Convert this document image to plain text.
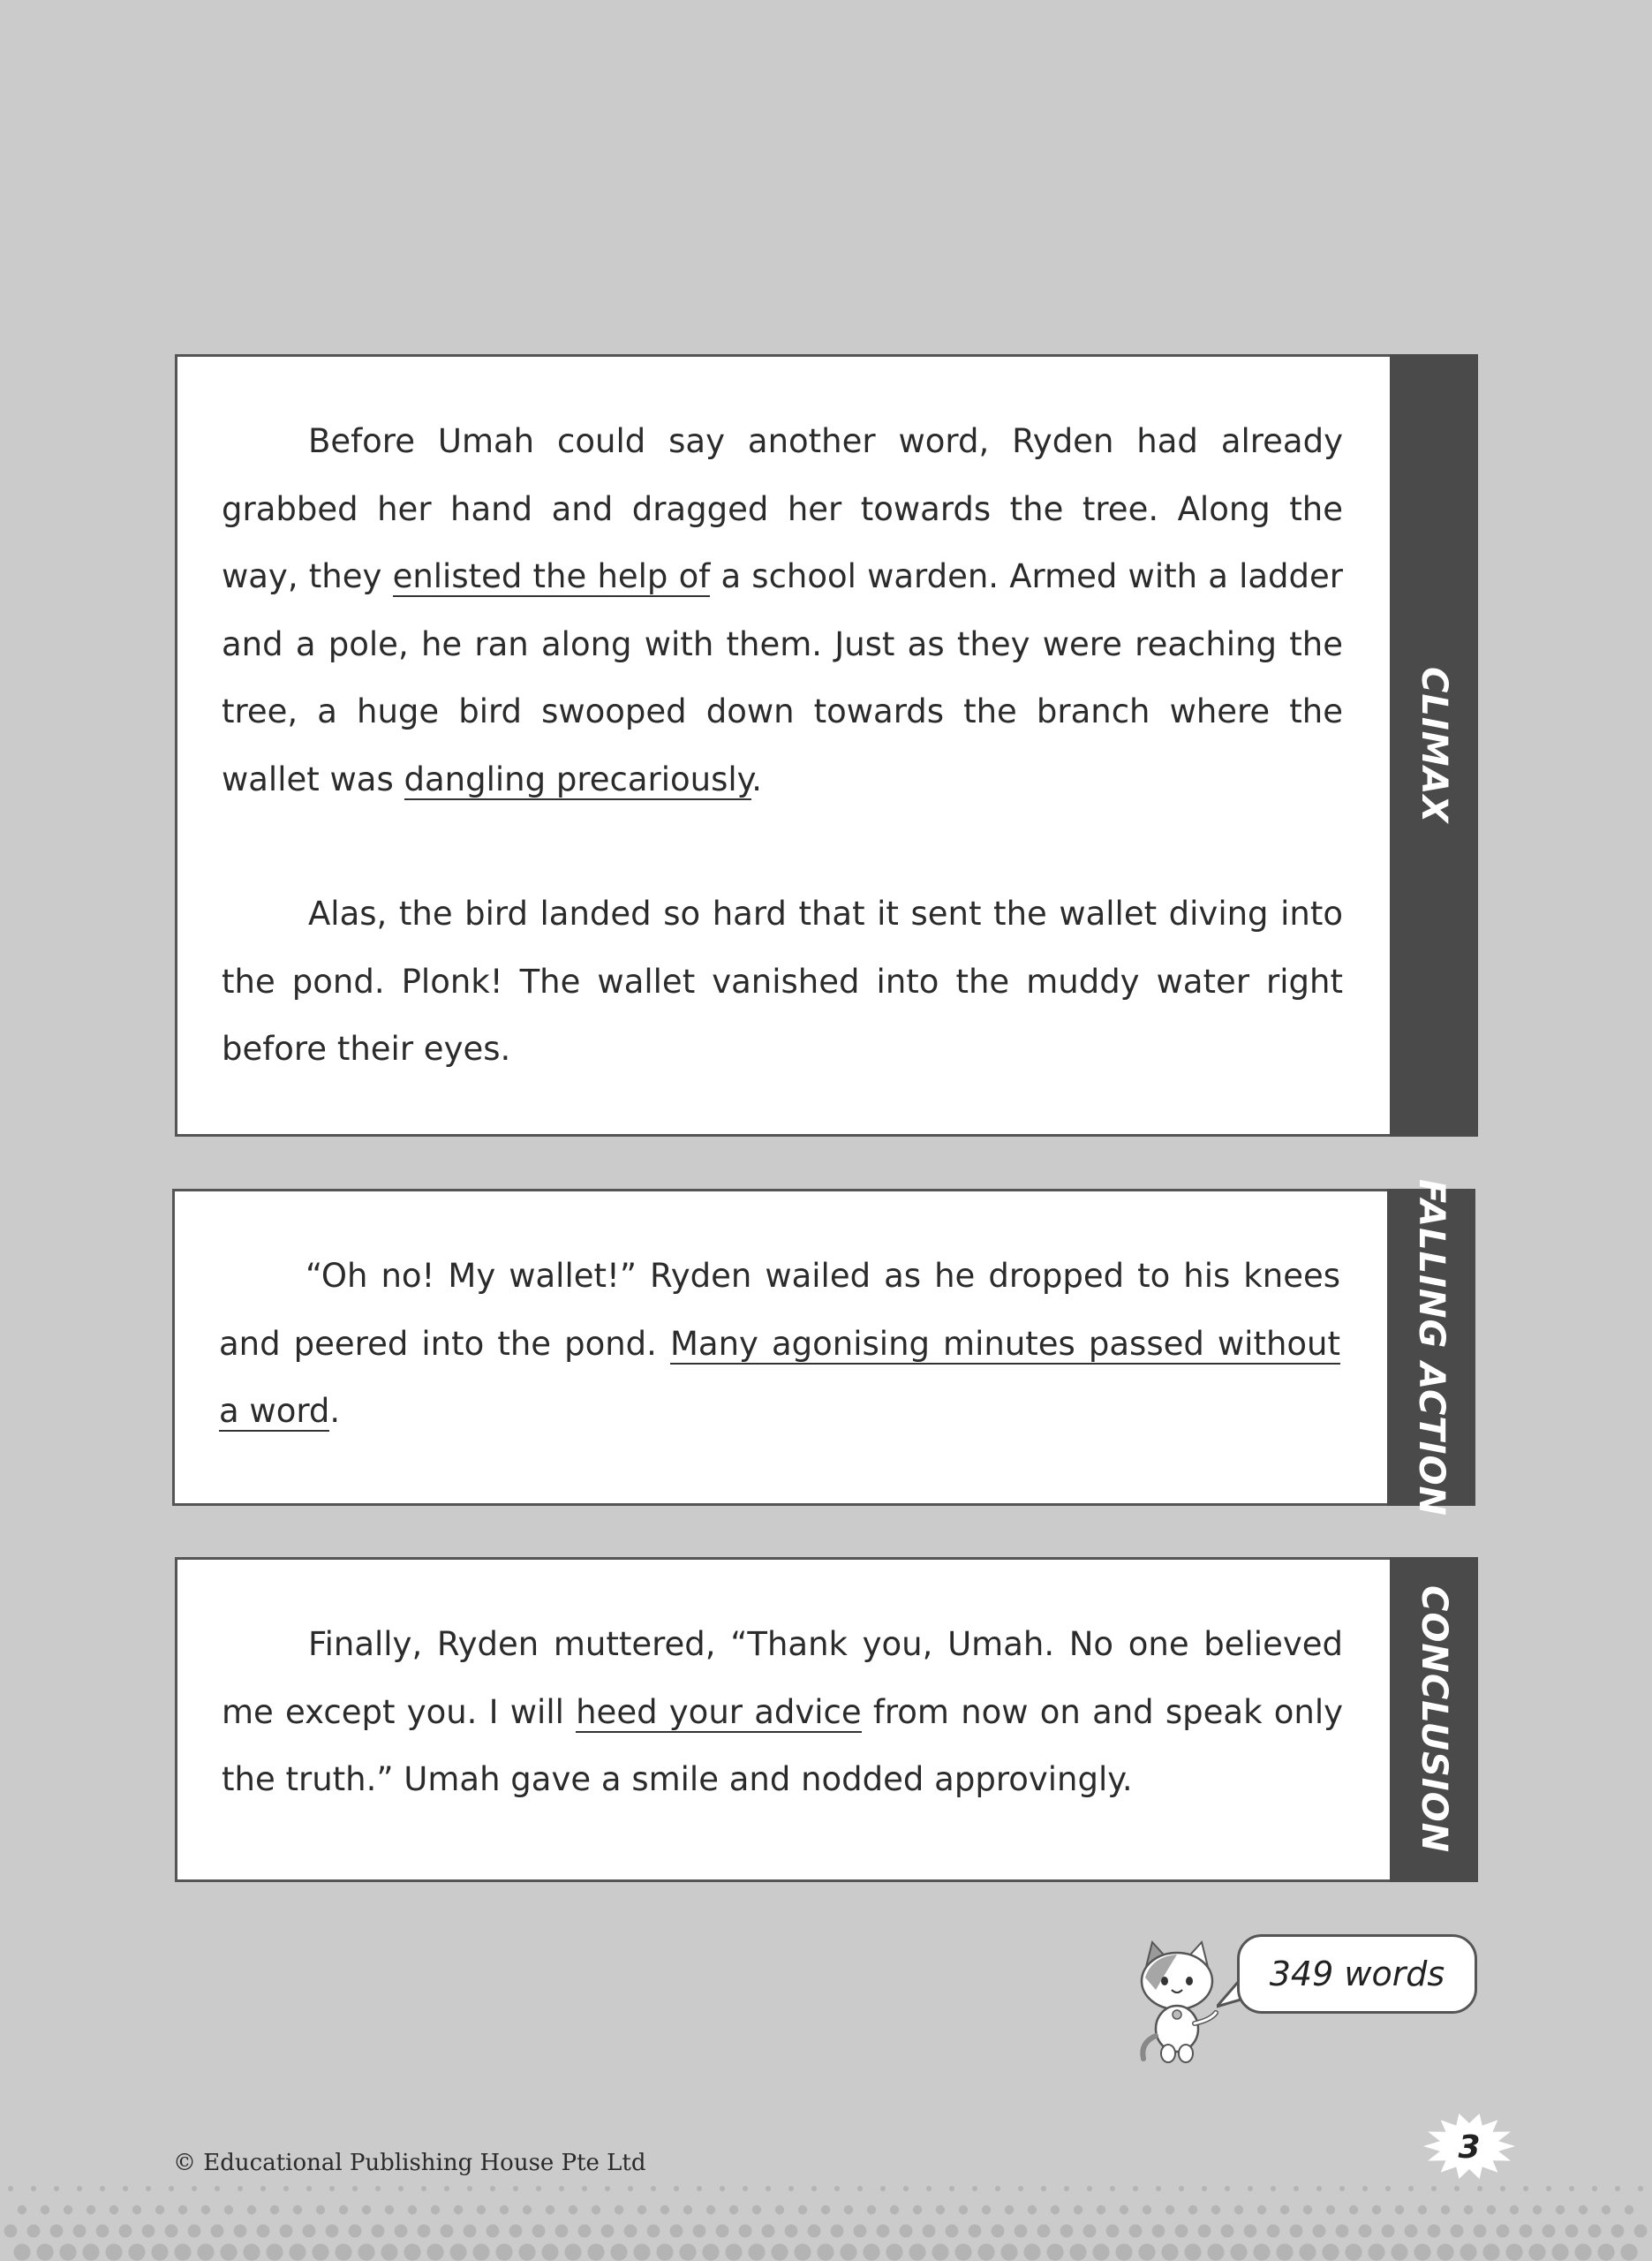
Before Umah could say another word, Ryden had already grabbed her hand and dragged her towards the tree. Along the way, they enlisted the help of a school warden. Armed with a ladder and a pole, he ran along with them. Just as they were reaching the tree, a huge bird swooped down towards the branch where the wallet was dangling precariously.

Alas, the bird landed so hard that it sent the wallet diving into the pond. Plonk! The wallet vanished into the muddy water right before their eyes.

CLIMAX

“Oh no! My wallet!” Ryden wailed as he dropped to his knees and peered into the pond. Many agonising minutes passed without a word.	FALLING ACTION

Finally, Ryden muttered, “Thank you, Umah. No one believed me except you. I will heed your advice from now on and speak only the truth.” Umah gave a smile and nodded approvingly.	CONCLUSION
349 words
© Educational Publishing House Pte Ltd	3
